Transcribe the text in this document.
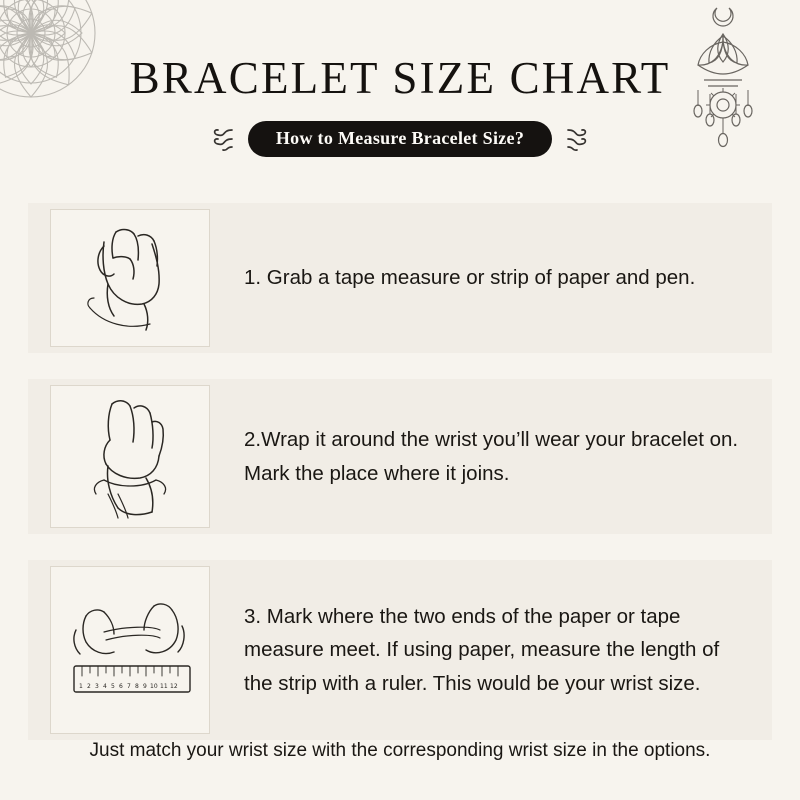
BRACELET SIZE CHART
How to Measure Bracelet Size?

1. Grab a tape measure or strip of paper and pen.

2.Wrap it around the wrist you’ll wear your bracelet on. Mark the place where it joins.

1 2 3 4 5 6 7 8 9 10 11 12

3. Mark where the two ends of the paper or tape measure meet. If using paper, measure the length of the strip with a ruler. This would be your wrist size.

Just match your wrist size with the corresponding wrist size in the options.
